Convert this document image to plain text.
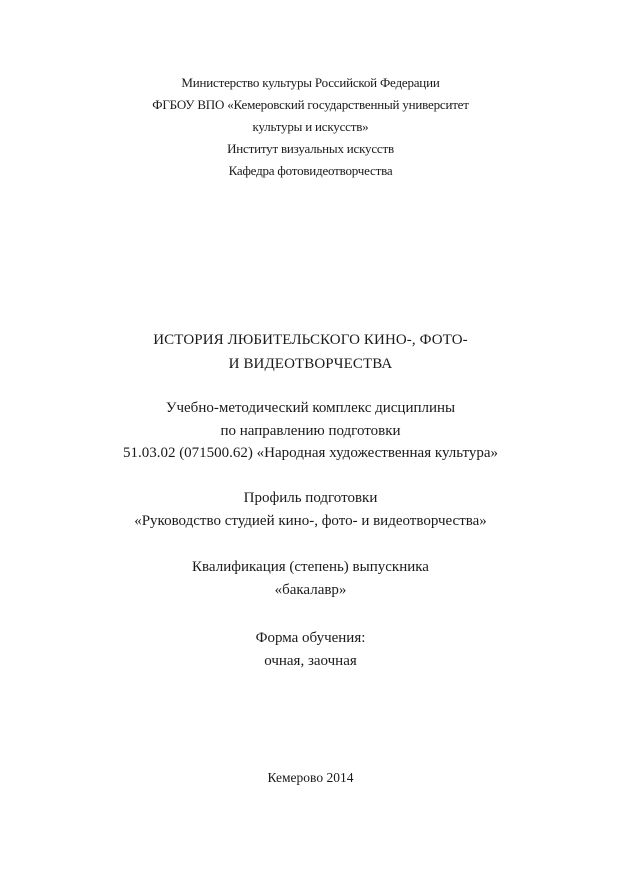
Министерство культуры Российской Федерации
ФГБОУ ВПО «Кемеровский государственный университет
культуры и искусств»
Институт визуальных искусств
Кафедра фотовидеотворчества
ИСТОРИЯ ЛЮБИТЕЛЬСКОГО КИНО-, ФОТО-
И ВИДЕОТВОРЧЕСТВА
Учебно-методический комплекс дисциплины
по направлению подготовки
51.03.02 (071500.62) «Народная художественная культура»
Профиль подготовки
«Руководство студией кино-, фото- и видеотворчества»
Квалификация (степень) выпускника
«бакалавр»
Форма обучения:
очная, заочная
Кемерово 2014
